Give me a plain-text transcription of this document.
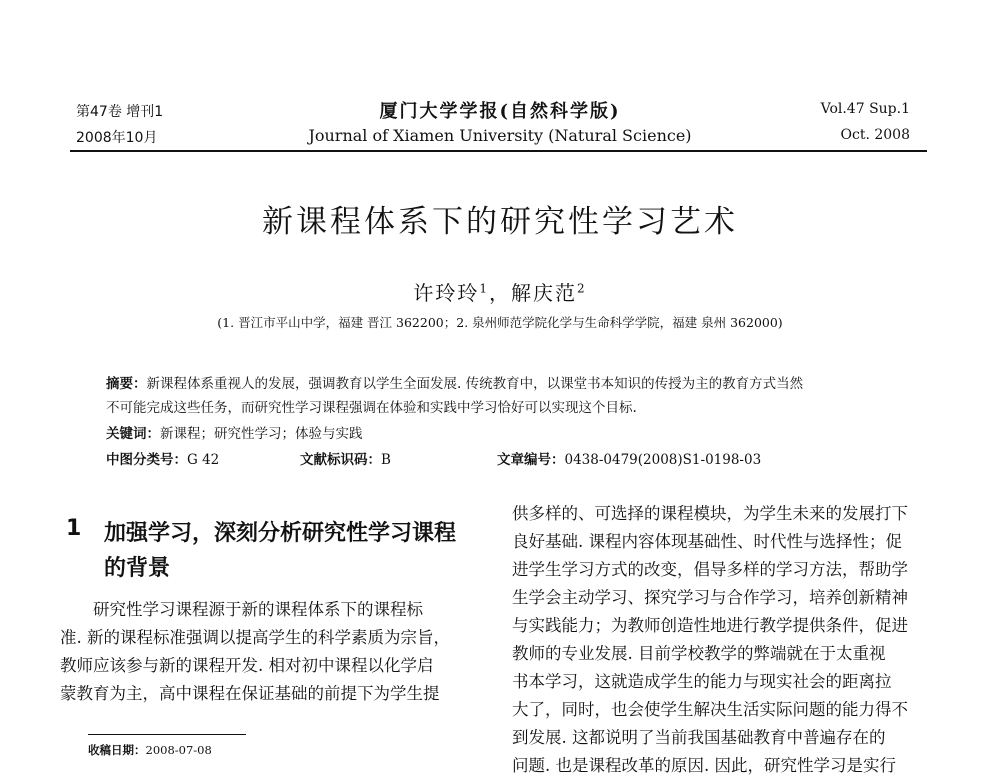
第47卷 增刊1
2008年10月
厦门大学学报(自然科学版)
Journal of Xiamen University (Natural Science)
Vol.47 Sup.1
Oct. 2008
新课程体系下的研究性学习艺术
许玲玲$^1$，解庆范$^2$
(1. 晋江市平山中学，福建 晋江 362200；2. 泉州师范学院化学与生命科学学院，福建 泉州 362000)
摘要：新课程体系重视人的发展，强调教育以学生全面发展. 传统教育中，以课堂书本知识的传授为主的教育方式当然
不可能完成这些任务，而研究性学习课程强调在体验和实践中学习恰好可以实现这个目标.
关键词：新课程；研究性学习；体验与实践
中图分类号：G 42	文献标识码：B	文章编号：0438-0479(2008)S1-0198-03
1 加强学习，深刻分析研究性学习课程
的背景
　　研究性学习课程源于新的课程体系下的课程标
准. 新的课程标准强调以提高学生的科学素质为宗旨，
教师应该参与新的课程开发. 相对初中课程以化学启
蒙教育为主，高中课程在保证基础的前提下为学生提
收稿日期：2008-07-08
供多样的、可选择的课程模块，为学生未来的发展打下
良好基础. 课程内容体现基础性、时代性与选择性；促
进学生学习方式的改变，倡导多样的学习方法，帮助学
生学会主动学习、探究学习与合作学习，培养创新精神
与实践能力；为教师创造性地进行教学提供条件，促进
教师的专业发展. 目前学校教学的弊端就在于太重视
书本学习，这就造成学生的能力与现实社会的距离拉
大了，同时，也会使学生解决生活实际问题的能力得不
到发展. 这都说明了当前我国基础教育中普遍存在的
问题. 也是课程改革的原因. 因此，研究性学习是实行
